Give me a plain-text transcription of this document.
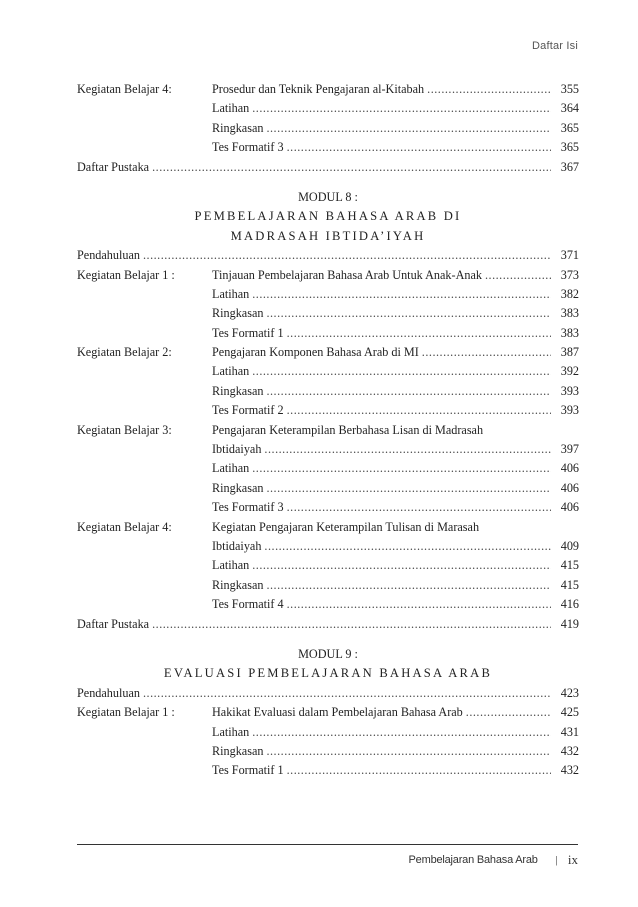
Daftar Isi
Kegiatan Belajar 4:	Prosedur dan Teknik Pengajaran al-Kitabah .....	355
Latihan .....	364
Ringkasan .....	365
Tes Formatif 3 .....	365
Daftar Pustaka .....	367
MODUL 8 :
PEMBELAJARAN BAHASA ARAB DI
MADRASAH IBTIDA’IYAH
Pendahuluan .....	371
Kegiatan Belajar 1 :	Tinjauan Pembelajaran Bahasa Arab Untuk Anak-Anak .....	373
Latihan .....	382
Ringkasan .....	383
Tes Formatif 1 .....	383
Kegiatan Belajar 2:	Pengajaran Komponen Bahasa Arab di MI .....	387
Latihan .....	392
Ringkasan .....	393
Tes Formatif 2 .....	393
Kegiatan Belajar 3:	Pengajaran Keterampilan Berbahasa Lisan di Madrasah
Ibtidaiyah .....	397
Latihan .....	406
Ringkasan .....	406
Tes Formatif 3 .....	406
Kegiatan Belajar 4:	Kegiatan Pengajaran Keterampilan Tulisan di Marasah
Ibtidaiyah .....	409
Latihan .....	415
Ringkasan .....	415
Tes Formatif 4 .....	416
Daftar Pustaka .....	419
MODUL 9 :
EVALUASI PEMBELAJARAN BAHASA ARAB
Pendahuluan .....	423
Kegiatan Belajar 1 :	Hakikat Evaluasi dalam Pembelajaran Bahasa Arab .....	425
Latihan .....	431
Ringkasan .....	432
Tes Formatif 1 .....	432
Pembelajaran Bahasa Arab | ix
